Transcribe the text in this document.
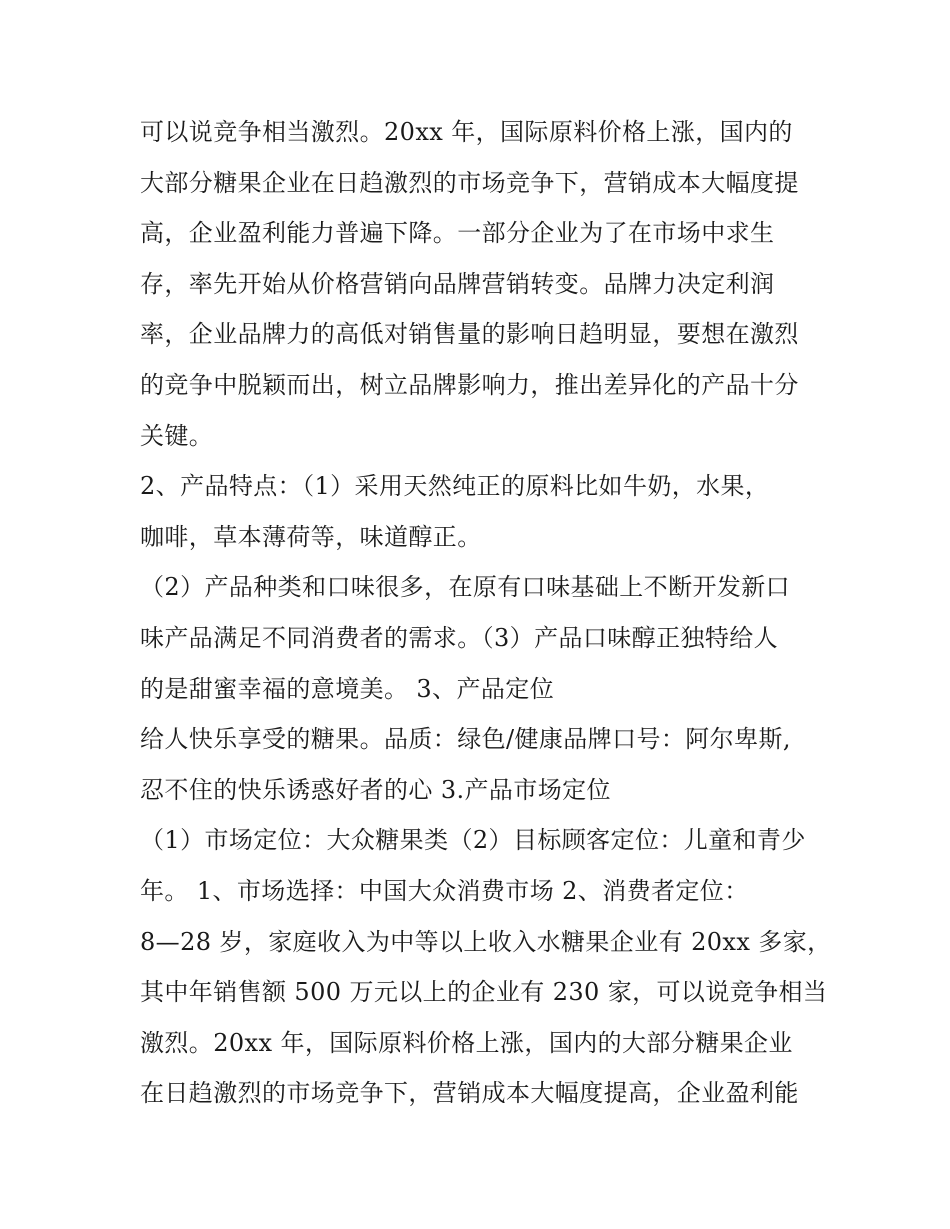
可以说竞争相当激烈。20xx 年，国际原料价格上涨，国内的
大部分糖果企业在日趋激烈的市场竞争下，营销成本大幅度提
高，企业盈利能力普遍下降。一部分企业为了在市场中求生
存，率先开始从价格营销向品牌营销转变。品牌力决定利润
率，企业品牌力的高低对销售量的影响日趋明显，要想在激烈
的竞争中脱颖而出，树立品牌影响力，推出差异化的产品十分
关键。
2、产品特点：（1）采用天然纯正的原料比如牛奶，水果，
咖啡，草本薄荷等，味道醇正。
（2）产品种类和口味很多，在原有口味基础上不断开发新口
味产品满足不同消费者的需求。（3）产品口味醇正独特给人
的是甜蜜幸福的意境美。 3、产品定位
给人快乐享受的糖果。品质：绿色/健康品牌口号：阿尔卑斯,
忍不住的快乐诱惑好者的心 3.产品市场定位
（1）市场定位：大众糖果类（2）目标顾客定位：儿童和青少
年。 1、市场选择：中国大众消费市场 2、消费者定位：
8—28 岁，家庭收入为中等以上收入水糖果企业有 20xx 多家，
其中年销售额 500 万元以上的企业有 230 家，可以说竞争相当
激烈。20xx 年，国际原料价格上涨，国内的大部分糖果企业
在日趋激烈的市场竞争下，营销成本大幅度提高，企业盈利能
